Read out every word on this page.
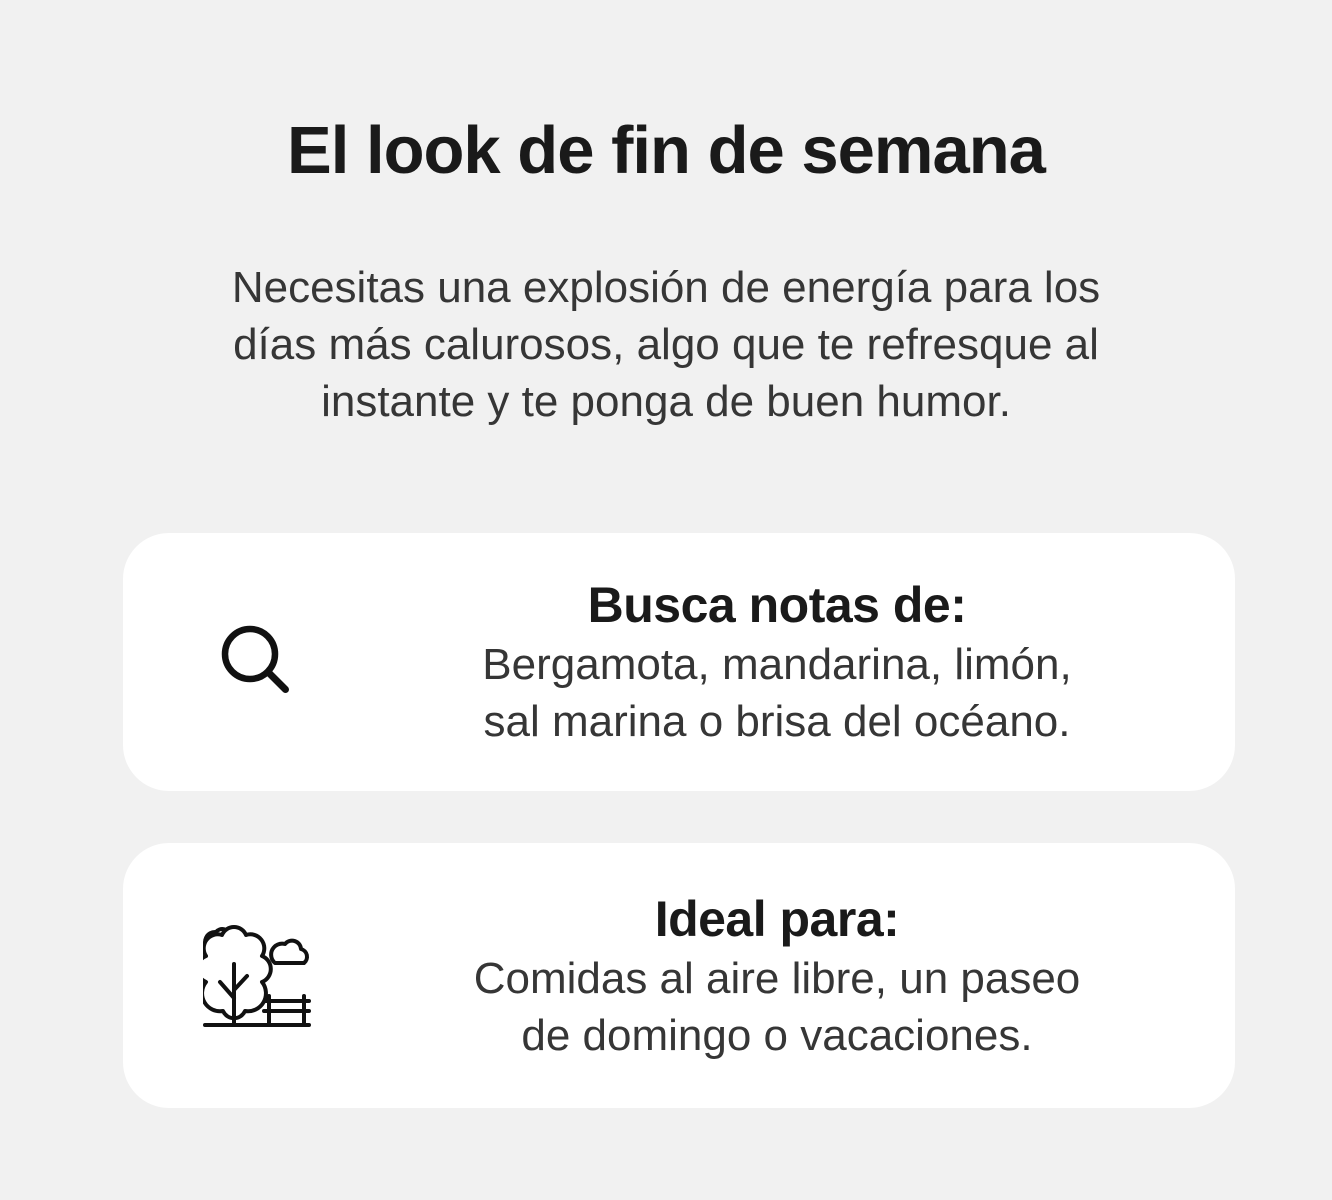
El look de fin de semana
Necesitas una explosión de energía para los
días más calurosos, algo que te refresque al
instante y te ponga de buen humor.
Busca notas de:
Bergamota, mandarina, limón,
sal marina o brisa del océano.
Ideal para:
Comidas al aire libre, un paseo
de domingo o vacaciones.
